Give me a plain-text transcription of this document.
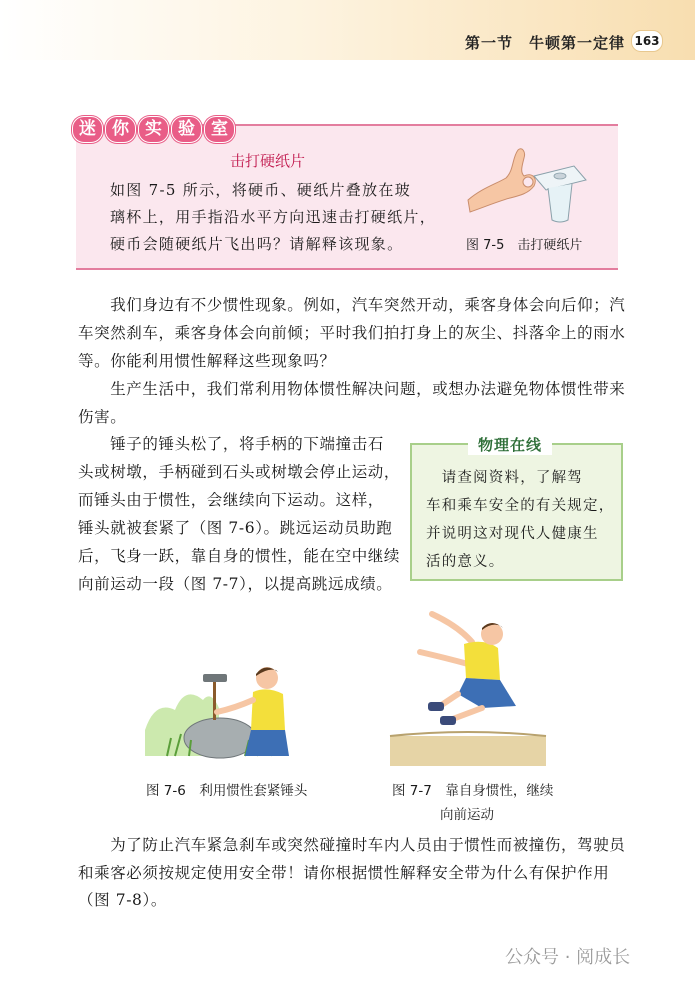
第一节　牛顿第一定律 163
迷 你 实 验 室
击打硬纸片
如图 7-5 所示，将硬币、硬纸片叠放在玻
璃杯上，用手指沿水平方向迅速击打硬纸片，
硬币会随硬纸片飞出吗？请解释该现象。	图 7-5　击打硬纸片
　　我们身边有不少惯性现象。例如，汽车突然开动，乘客身体会向后仰；汽
车突然刹车，乘客身体会向前倾；平时我们拍打身上的灰尘、抖落伞上的雨水
等。你能利用惯性解释这些现象吗？
　　生产生活中，我们常利用物体惯性解决问题，或想办法避免物体惯性带来
伤害。
　　锤子的锤头松了，将手柄的下端撞击石
头或树墩，手柄碰到石头或树墩会停止运动，
而锤头由于惯性，会继续向下运动。这样，
锤头就被套紧了（图 7-6）。跳远运动员助跑
后，飞身一跃，靠自身的惯性，能在空中继续
向前运动一段（图 7-7），以提高跳远成绩。
物理在线
　请查阅资料，了解驾
车和乘车安全的有关规定，
并说明这对现代人健康生
活的意义。
图 7-6　利用惯性套紧锤头	图 7-7　靠自身惯性，继续
向前运动
　　为了防止汽车紧急刹车或突然碰撞时车内人员由于惯性而被撞伤，驾驶员
和乘客必须按规定使用安全带！请你根据惯性解释安全带为什么有保护作用
（图 7-8）。
公众号 · 阅成长
